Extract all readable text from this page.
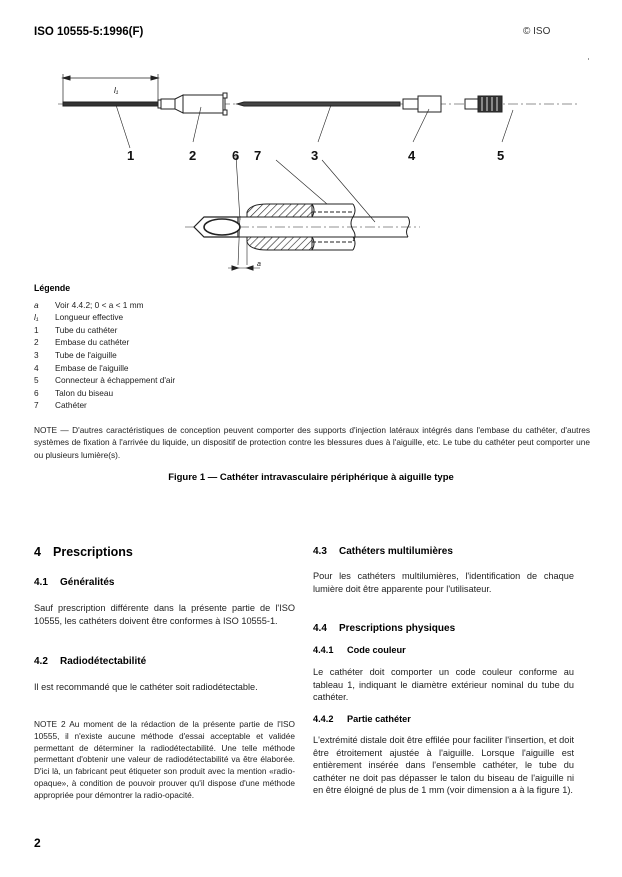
ISO 10555-5:1996(F)	© ISO
l₁
1	2	6 7	3	4	5
a
Légende
a	Voir 4.4.2; 0 < a < 1 mm
l₁	Longueur effective
1	Tube du cathéter
2	Embase du cathéter
3	Tube de l'aiguille
4	Embase de l'aiguille
5	Connecteur à échappement d'air
6	Talon du biseau
7	Cathéter
NOTE — D'autres caractéristiques de conception peuvent comporter des supports d'injection latéraux intégrés dans l'embase du cathéter, d'autres systèmes de fixation à l'arrivée du liquide, un dispositif de protection contre les blessures dues à l'aiguille, etc. Le tube du cathéter peut comporter une ou plusieurs lumière(s).
Figure 1 — Cathéter intravasculaire périphérique à aiguille type
4 Prescriptions
4.1 Généralités
Sauf prescription différente dans la présente partie de l'ISO 10555, les cathéters doivent être conformes à ISO 10555-1.
4.2 Radiodétectabilité
Il est recommandé que le cathéter soit radiodétectable.
NOTE 2 Au moment de la rédaction de la présente partie de l'ISO 10555, il n'existe aucune méthode d'essai acceptable et validée permettant de déterminer la radiodétectabilité. Une telle méthode permettant d'obtenir une valeur de radiodétectabilité va être élaborée. D'ici là, un fabricant peut étiqueter son produit avec la mention «radio-opaque», à condition de pouvoir prouver qu'il dispose d'une méthode appropriée pour démontrer la radio-opacité.
4.3 Cathéters multilumières
Pour les cathéters multilumières, l'identification de chaque lumière doit être apparente pour l'utilisateur.
4.4 Prescriptions physiques
4.4.1 Code couleur
Le cathéter doit comporter un code couleur conforme au tableau 1, indiquant le diamètre extérieur nominal du tube du cathéter.
4.4.2 Partie cathéter
L'extrémité distale doit être effilée pour faciliter l'insertion, et doit être étroitement ajustée à l'aiguille. Lorsque l'aiguille est entièrement insérée dans l'ensemble cathéter, le tube du cathéter ne doit pas dépasser le talon du biseau de l'aiguille ni en être éloigné de plus de 1 mm (voir dimension a à la figure 1).
2
